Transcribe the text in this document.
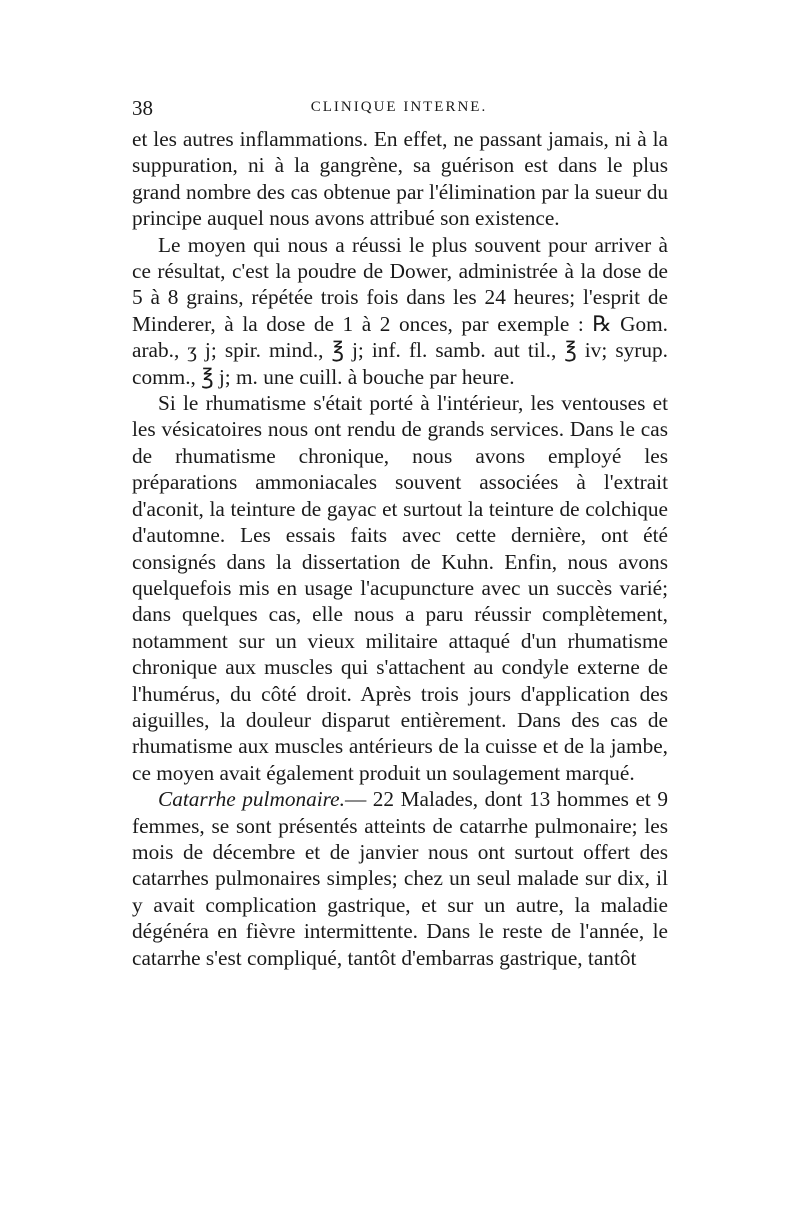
38	CLINIQUE INTERNE.

et les autres inflammations. En effet, ne passant jamais, ni à la suppuration, ni à la gangrène, sa guérison est dans le plus grand nombre des cas obtenue par l'élimination par la sueur du principe auquel nous avons attribué son existence.

Le moyen qui nous a réussi le plus souvent pour arriver à ce résultat, c'est la poudre de Dower, administrée à la dose de 5 à 8 grains, répétée trois fois dans les 24 heures; l'esprit de Minderer, à la dose de 1 à 2 onces, par exemple : ℞ Gom. arab., ʒ j; spir. mind., ℥ j; inf. fl. samb. aut til., ℥ iv; syrup. comm., ℥ j; m. une cuill. à bouche par heure.

Si le rhumatisme s'était porté à l'intérieur, les ventouses et les vésicatoires nous ont rendu de grands services. Dans le cas de rhumatisme chronique, nous avons employé les préparations ammoniacales souvent associées à l'extrait d'aconit, la teinture de gayac et surtout la teinture de colchique d'automne. Les essais faits avec cette dernière, ont été consignés dans la dissertation de Kuhn. Enfin, nous avons quelquefois mis en usage l'acupuncture avec un succès varié; dans quelques cas, elle nous a paru réussir complètement, notamment sur un vieux militaire attaqué d'un rhumatisme chronique aux muscles qui s'attachent au condyle externe de l'humérus, du côté droit. Après trois jours d'application des aiguilles, la douleur disparut entièrement. Dans des cas de rhumatisme aux muscles antérieurs de la cuisse et de la jambe, ce moyen avait également produit un soulagement marqué.

Catarrhe pulmonaire.— 22 Malades, dont 13 hommes et 9 femmes, se sont présentés atteints de catarrhe pulmonaire; les mois de décembre et de janvier nous ont surtout offert des catarrhes pulmonaires simples; chez un seul malade sur dix, il y avait complication gastrique, et sur un autre, la maladie dégénéra en fièvre intermittente. Dans le reste de l'année, le catarrhe s'est compliqué, tantôt d'embarras gastrique, tantôt
